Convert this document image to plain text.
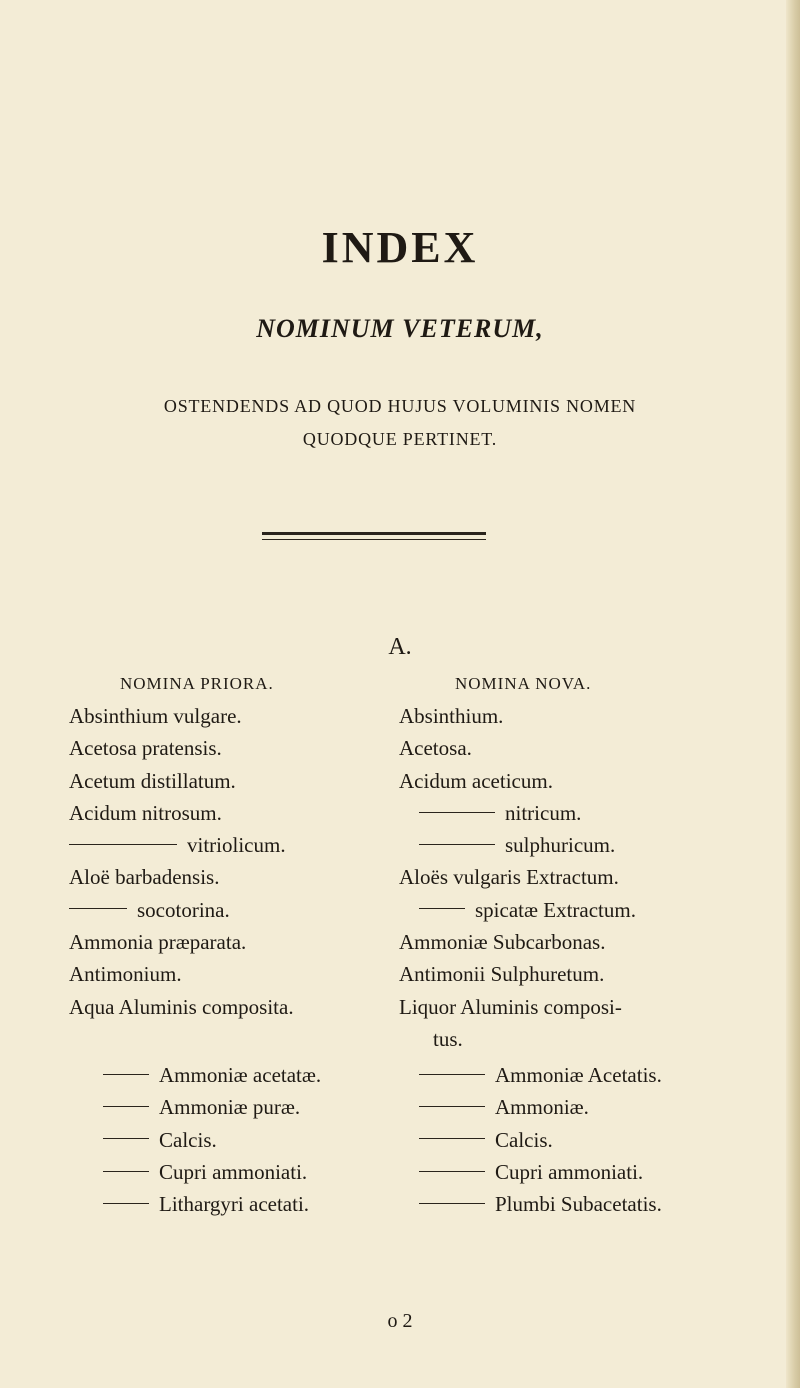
INDEX
NOMINUM VETERUM,
OSTENDENDS AD QUOD HUJUS VOLUMINIS NOMEN
QUODQUE PERTINET.
A.
NOMINA PRIORA.	NOMINA NOVA.
Absinthium vulgare.
Acetosa pratensis.
Acetum distillatum.
Acidum nitrosum.
vitriolicum.
Aloë barbadensis.
socotorina.
Ammonia præparata.
Antimonium.
Aqua Aluminis composita.
Ammoniæ acetatæ.
Ammoniæ puræ.
Calcis.
Cupri ammoniati.
Lithargyri acetati.
Absinthium.
Acetosa.
Acidum aceticum.
nitricum.
sulphuricum.
Aloës vulgaris Extractum.
spicatæ Extractum.
Ammoniæ Subcarbonas.
Antimonii Sulphuretum.
Liquor Aluminis composi-
tus.
Ammoniæ Acetatis.
Ammoniæ.
Calcis.
Cupri ammoniati.
Plumbi Subacetatis.
o 2
